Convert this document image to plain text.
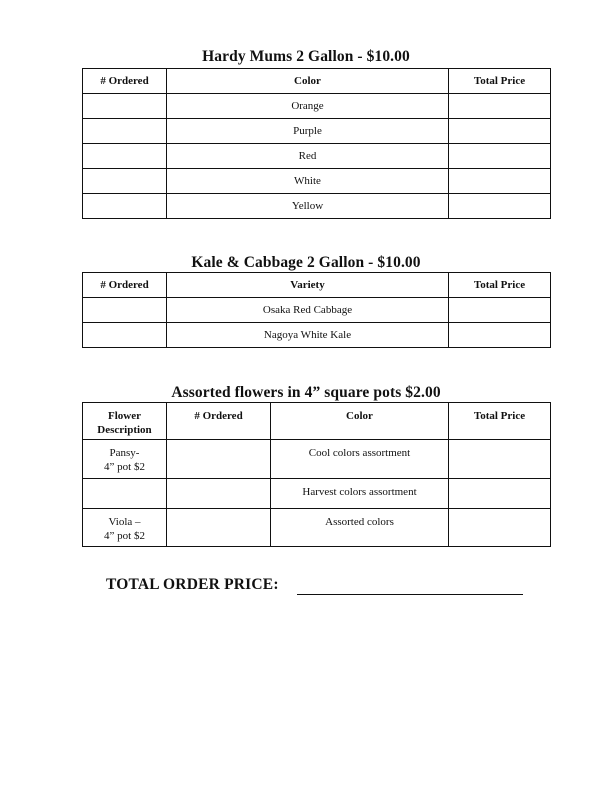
Hardy Mums 2 Gallon - $10.00
# Ordered	Color	Total Price
	Orange	
	Purple	
	Red	
	White	
	Yellow	
Kale & Cabbage 2 Gallon - $10.00
# Ordered	Variety	Total Price
	Osaka Red Cabbage	
	Nagoya White Kale	
Assorted flowers in 4” square pots $2.00
Flower
Description	# Ordered	Color	Total Price

Pansy-
4” pot $2		Cool colors assortment	

		Harvest colors assortment	

Viola –
4” pot $2		Assorted colors	
TOTAL ORDER PRICE:
